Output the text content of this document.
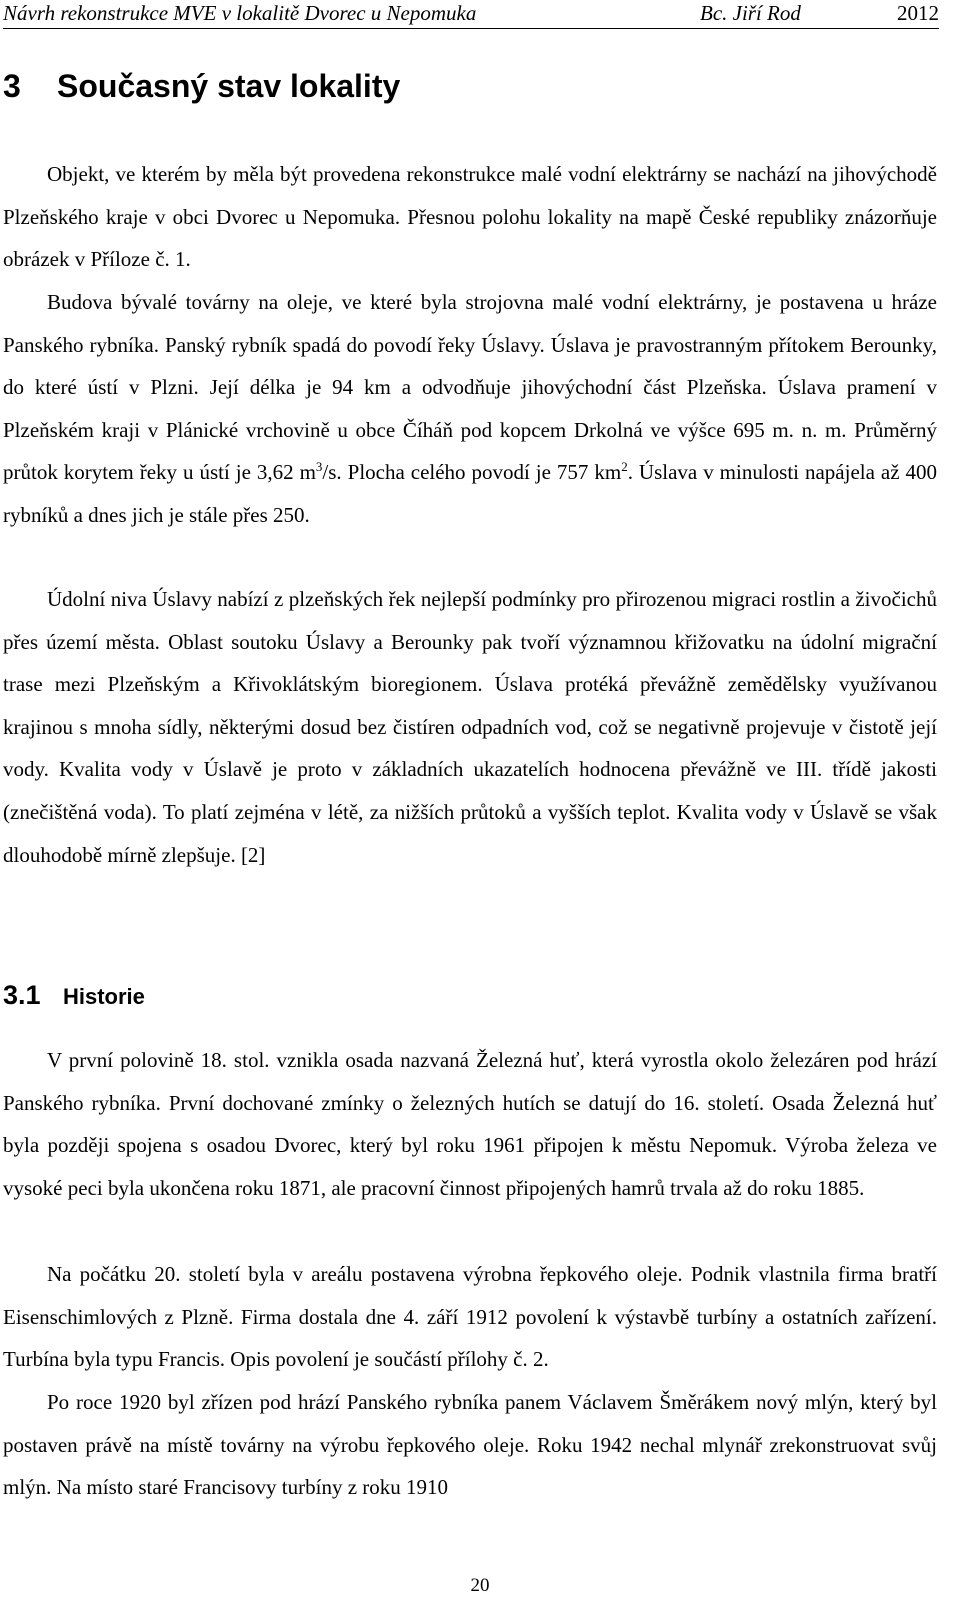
Návrh rekonstrukce MVE v lokalitě Dvorec u Nepomuka	Bc. Jiří Rod	2012
3 Současný stav lokality

Objekt, ve kterém by měla být provedena rekonstrukce malé vodní elektrárny se nachází na jihovýchodě Plzeňského kraje v obci Dvorec u Nepomuka. Přesnou polohu lokality na mapě České republiky znázorňuje obrázek v Příloze č. 1.

Budova bývalé továrny na oleje, ve které byla strojovna malé vodní elektrárny, je postavena u hráze Panského rybníka. Panský rybník spadá do povodí řeky Úslavy. Úslava je pravostranným přítokem Berounky, do které ústí v Plzni. Její délka je 94 km a odvodňuje jihovýchodní část Plzeňska. Úslava pramení v Plzeňském kraji v Plánické vrchovině u obce Číháň pod kopcem Drkolná ve výšce 695 m. n. m. Průměrný průtok korytem řeky u ústí je 3,62 $m^3/s$. Plocha celého povodí je 757 $km^2$. Úslava v minulosti napájela až 400 rybníků a dnes jich je stále přes 250.

Údolní niva Úslavy nabízí z plzeňských řek nejlepší podmínky pro přirozenou migraci rostlin a živočichů přes území města. Oblast soutoku Úslavy a Berounky pak tvoří významnou křižovatku na údolní migrační trase mezi Plzeňským a Křivoklátským bioregionem. Úslava protéká převážně zemědělsky využívanou krajinou s mnoha sídly, některými dosud bez čistíren odpadních vod, což se negativně projevuje v čistotě její vody. Kvalita vody v Úslavě je proto v základních ukazatelích hodnocena převážně ve III. třídě jakosti (znečištěná voda). To platí zejména v létě, za nižších průtoků a vyšších teplot. Kvalita vody v Úslavě se však dlouhodobě mírně zlepšuje. [2]

3.1 Historie

V první polovině 18. stol. vznikla osada nazvaná Železná huť, která vyrostla okolo železáren pod hrází Panského rybníka. První dochované zmínky o železných hutích se datují do 16. století. Osada Železná huť byla později spojena s osadou Dvorec, který byl roku 1961 připojen k městu Nepomuk. Výroba železa ve vysoké peci byla ukončena roku 1871, ale pracovní činnost připojených hamrů trvala až do roku 1885.

Na počátku 20. století byla v areálu postavena výrobna řepkového oleje. Podnik vlastnila firma bratří Eisenschimlových z Plzně. Firma dostala dne 4. září 1912 povolení k výstavbě turbíny a ostatních zařízení. Turbína byla typu Francis. Opis povolení je součástí přílohy č. 2.

Po roce 1920 byl zřízen pod hrází Panského rybníka panem Václavem Šměrákem nový mlýn, který byl postaven právě na místě továrny na výrobu řepkového oleje. Roku 1942 nechal mlynář zrekonstruovat svůj mlýn. Na místo staré Francisovy turbíny z roku 1910

20
